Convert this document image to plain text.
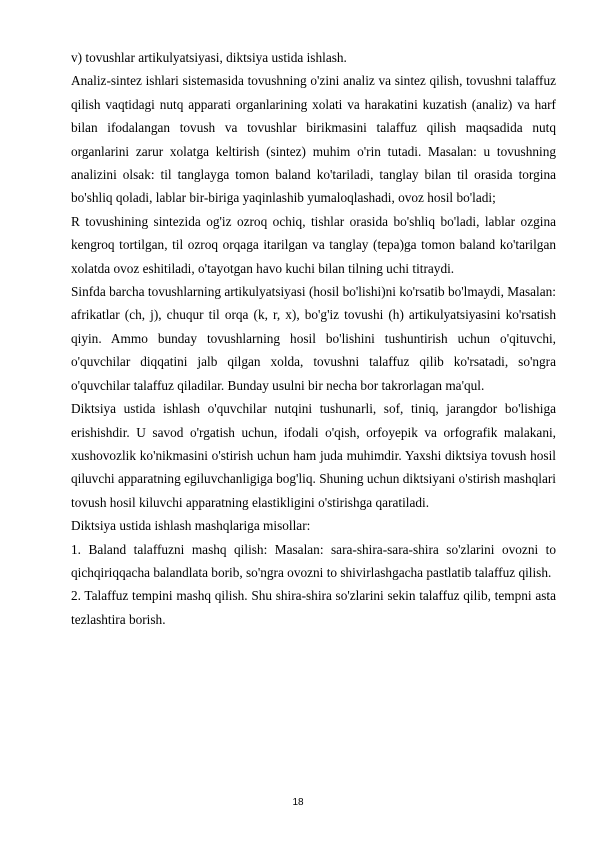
v) tovushlar artikulyatsiyasi, diktsiya ustida ishlash.

Analiz-sintez ishlari sistemasida tovushning o'zini analiz va sintez qilish, tovushni talaffuz qilish vaqtidagi nutq apparati organlarining xolati va harakatini kuzatish (analiz) va harf bilan ifodalangan tovush va tovushlar birikmasini talaffuz qilish maqsadida nutq organlarini zarur xolatga keltirish (sintez) muhim o'rin tutadi. Masalan: u tovushning analizini olsak: til tanglayga tomon baland ko'tariladi, tanglay bilan til orasida torgina bo'shliq qoladi, lablar bir-biriga yaqinlashib yumaloqlashadi, ovoz hosil bo'ladi;

R tovushining sintezida og'iz ozroq ochiq, tishlar orasida bo'shliq bo'ladi, lablar ozgina kengroq tortilgan, til ozroq orqaga itarilgan va tanglay (tepa)ga tomon baland ko'tarilgan xolatda ovoz eshitiladi, o'tayotgan havo kuchi bilan tilning uchi titraydi.

Sinfda barcha tovushlarning artikulyatsiyasi (hosil bo'lishi)ni ko'rsatib bo'lmaydi, Masalan: afrikatlar (ch, j), chuqur til orqa (k, r, x), bo'g'iz tovushi (h) artikulyatsiyasini ko'rsatish qiyin. Ammo bunday tovushlarning hosil bo'lishini tushuntirish uchun o'qituvchi, o'quvchilar diqqatini jalb qilgan xolda, tovushni talaffuz qilib ko'rsatadi, so'ngra o'quvchilar talaffuz qiladilar. Bunday usulni bir necha bor takrorlagan ma'qul.

Diktsiya ustida ishlash o'quvchilar nutqini tushunarli, sof, tiniq, jarangdor bo'lishiga erishishdir. U savod o'rgatish uchun, ifodali o'qish, orfoyepik va orfografik malakani, xushovozlik ko'nikmasini o'stirish uchun ham juda muhimdir. Yaxshi diktsiya tovush hosil qiluvchi apparatning egiluvchanligiga bog'liq. Shuning uchun diktsiyani o'stirish mashqlari tovush hosil kiluvchi apparatning elastikligini o'stirishga qaratiladi.

Diktsiya ustida ishlash mashqlariga misollar:

1. Baland talaffuzni mashq qilish: Masalan: sara-shira-sara-shira so'zlarini ovozni to qichqiriqqacha balandlata borib, so'ngra ovozni to shivirlashgacha pastlatib talaffuz qilish.

2. Talaffuz tempini mashq qilish. Shu shira-shira so'zlarini sekin talaffuz qilib, tempni asta tezlashtira borish.

18
